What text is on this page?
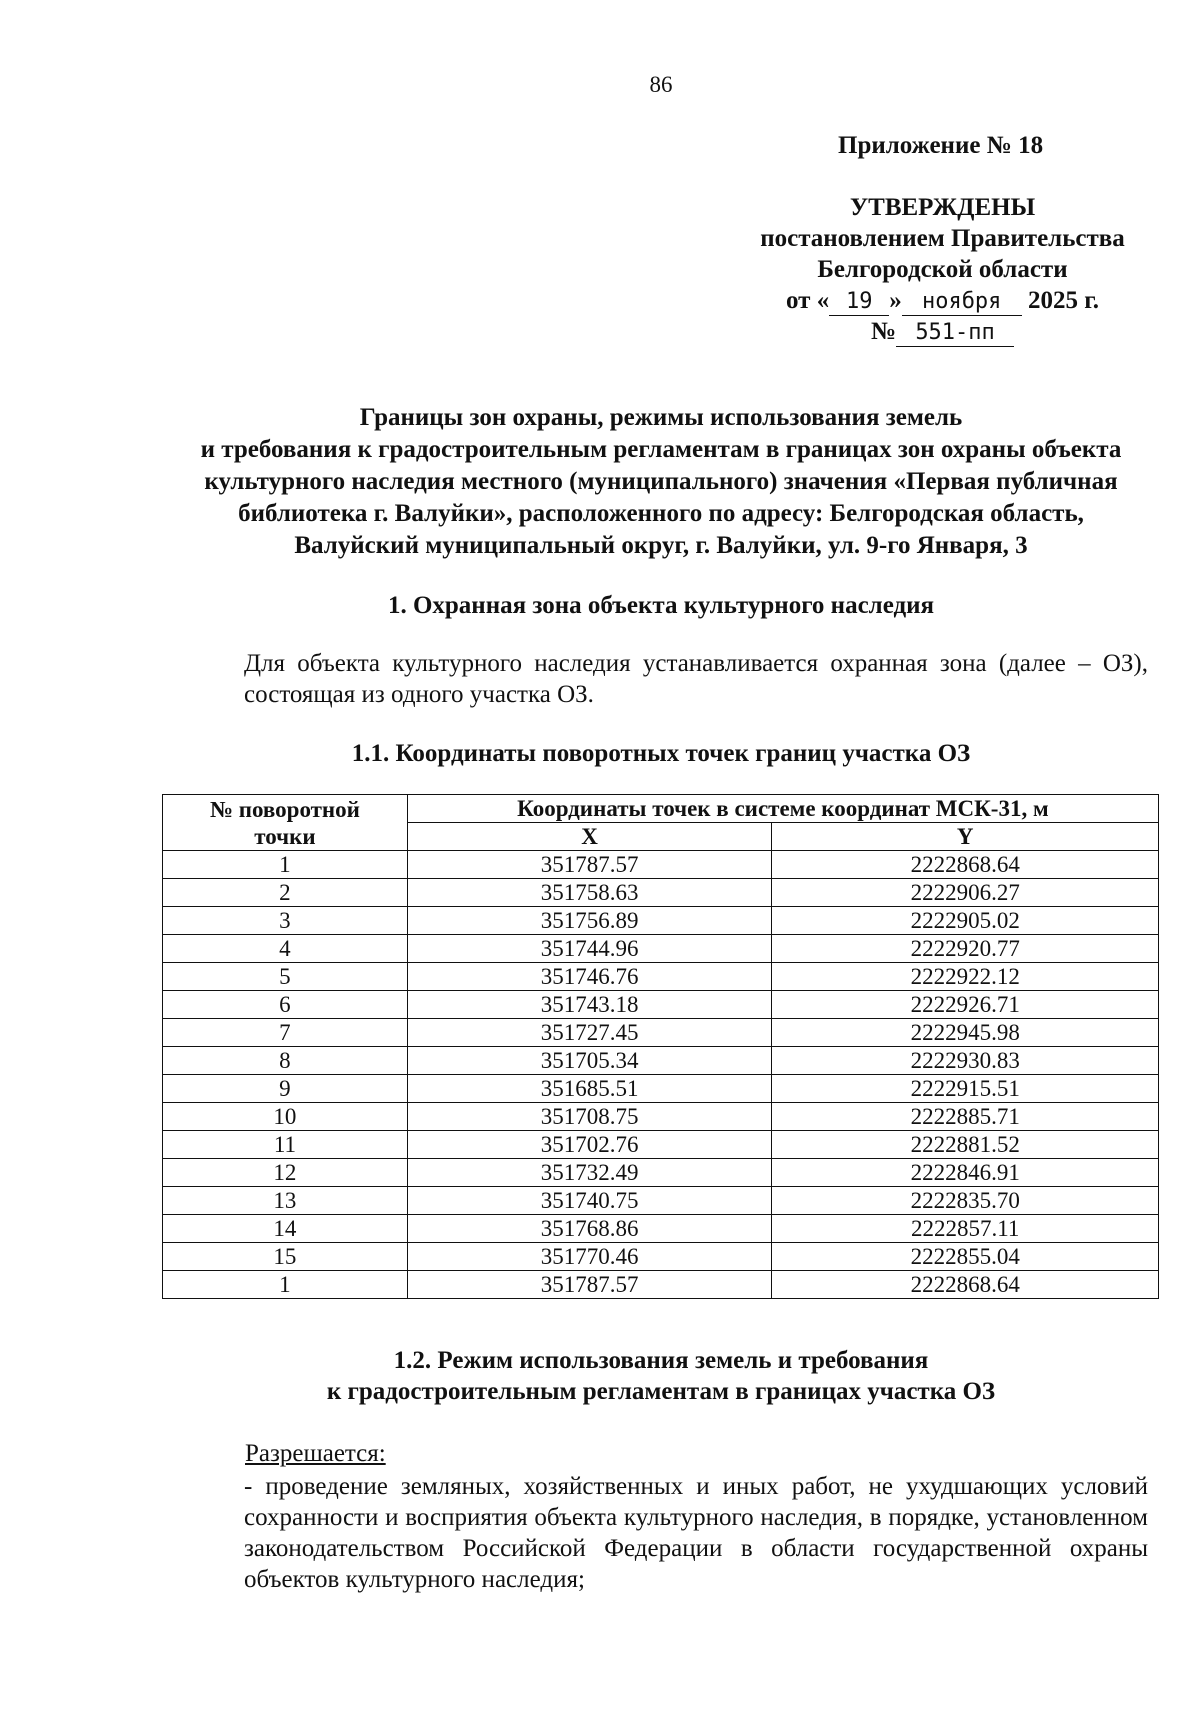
86
Приложение № 18
УТВЕРЖДЕНЫ
постановлением Правительства
Белгородской области
от « 19 » ноября 2025 г.
№ 551-пп
Границы зон охраны, режимы использования земель
и требования к градостроительным регламентам в границах зон охраны объекта
культурного наследия местного (муниципального) значения «Первая публичная
библиотека г. Валуйки», расположенного по адресу: Белгородская область,
Валуйский муниципальный округ, г. Валуйки, ул. 9-го Января, 3
1. Охранная зона объекта культурного наследия
Для объекта культурного наследия устанавливается охранная зона (далее – ОЗ), состоящая из одного участка ОЗ.
1.1. Координаты поворотных точек границ участка ОЗ
№ поворотной
точки	Координаты точек в системе координат МСК-31, м	
	X	Y
1	351787.57	2222868.64
2	351758.63	2222906.27
3	351756.89	2222905.02
4	351744.96	2222920.77
5	351746.76	2222922.12
6	351743.18	2222926.71
7	351727.45	2222945.98
8	351705.34	2222930.83
9	351685.51	2222915.51
10	351708.75	2222885.71
11	351702.76	2222881.52
12	351732.49	2222846.91
13	351740.75	2222835.70
14	351768.86	2222857.11
15	351770.46	2222855.04
1	351787.57	2222868.64
1.2. Режим использования земель и требования
к градостроительным регламентам в границах участка ОЗ
Разрешается:
- проведение земляных, хозяйственных и иных работ, не ухудшающих условий сохранности и восприятия объекта культурного наследия, в порядке, установленном законодательством Российской Федерации в области государственной охраны объектов культурного наследия;
